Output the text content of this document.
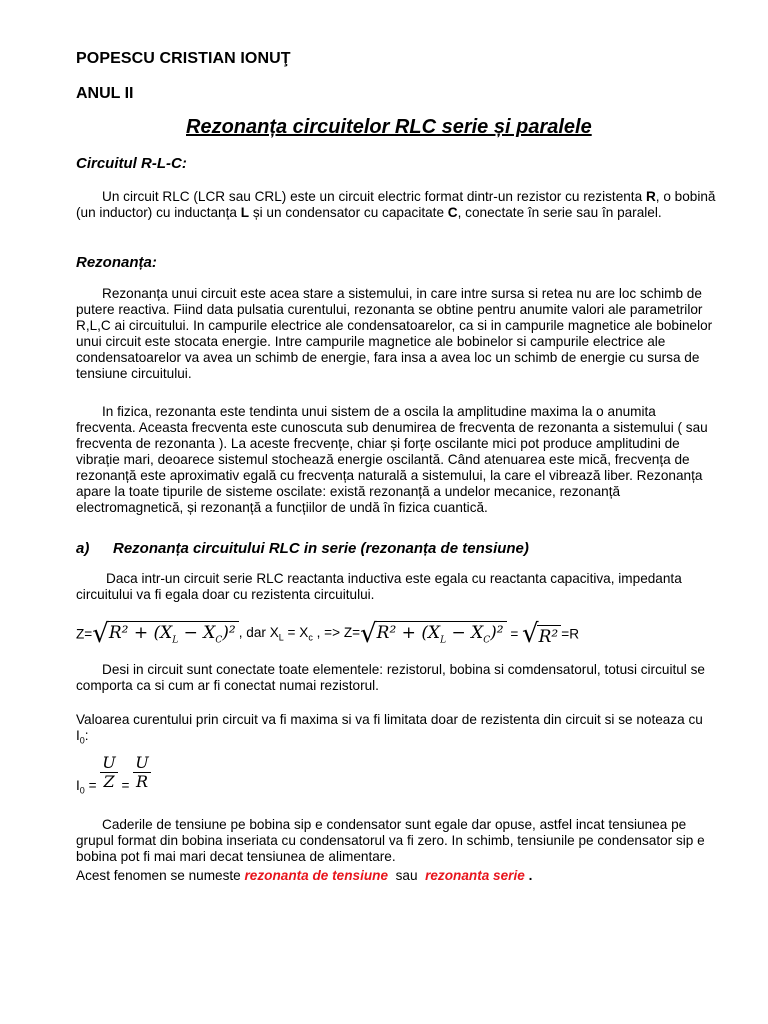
POPESCU CRISTIAN IONUŢ
ANUL II
Rezonanța circuitelor RLC serie și paralele
Circuitul R-L-C:
Un circuit RLC (LCR sau CRL) este un circuit electric format dintr-un rezistor cu rezistenta R, o bobină (un inductor) cu inductanța L și un condensator cu capacitate C, conectate în serie sau în paralel.
Rezonanța:
Rezonanța unui circuit este acea stare a sistemului, in care intre sursa si retea nu are loc schimb de putere reactiva. Fiind data pulsatia curentului, rezonanta se obtine pentru anumite valori ale parametrilor R,L,C ai circuitului. In campurile electrice ale condensatoarelor, ca si in campurile magnetice ale bobinelor unui circuit este stocata energie. Intre campurile magnetice ale bobinelor si campurile electrice ale condensatoarelor va avea un schimb de energie, fara insa a avea loc un schimb de energie cu sursa de tensiune circuitului.
In fizica, rezonanta este tendinta unui sistem de a oscila la amplitudine maxima la o anumita frecventa. Aceasta frecventa este cunoscuta sub denumirea de frecventa de rezonanta a sistemului ( sau frecventa de rezonanta ). La aceste frecvențe, chiar și forțe oscilante mici pot produce amplitudini de vibrație mari, deoarece sistemul stochează energie oscilantă. Când atenuarea este mică, frecvența de rezonanță este aproximativ egală cu frecvența naturală a sistemului, la care el vibrează liber. Rezonanța apare la toate tipurile de sisteme oscilate: există rezonanță a undelor mecanice, rezonanță electromagnetică, și rezonanță a funcțiilor de undă în fizica cuantică.
a) Rezonanța circuitului RLC in serie (rezonanța de tensiune)
Daca intr-un circuit serie RLC reactanta inductiva este egala cu reactanta capacitiva, impedanta circuitului va fi egala doar cu rezistenta circuitului.
$Z=√R^2 + (X_L - X_C)^2$ , dar $X_L = X_c$ , => $Z=√R^2 + (X_L - X_C)^2 = √R^2 =R$
Desi in circuit sunt conectate toate elementele: rezistorul, bobina si comdensatorul, totusi circuitul se comporta ca si cum ar fi conectat numai rezistorul.
Valoarea curentului prin circuit va fi maxima si va fi limitata doar de rezistenta din circuit si se noteaza cu $I_0$:
$I_0 = \frac{U}{Z} = \frac{U}{R}$
Caderile de tensiune pe bobina sip e condensator sunt egale dar opuse, astfel incat tensiunea pe grupul format din bobina inseriata cu condensatorul va fi zero. In schimb, tensiunile pe condensator sip e bobina pot fi mai mari decat tensiunea de alimentare.
Acest fenomen se numeste rezonanta de tensiune  sau  rezonanta serie .
